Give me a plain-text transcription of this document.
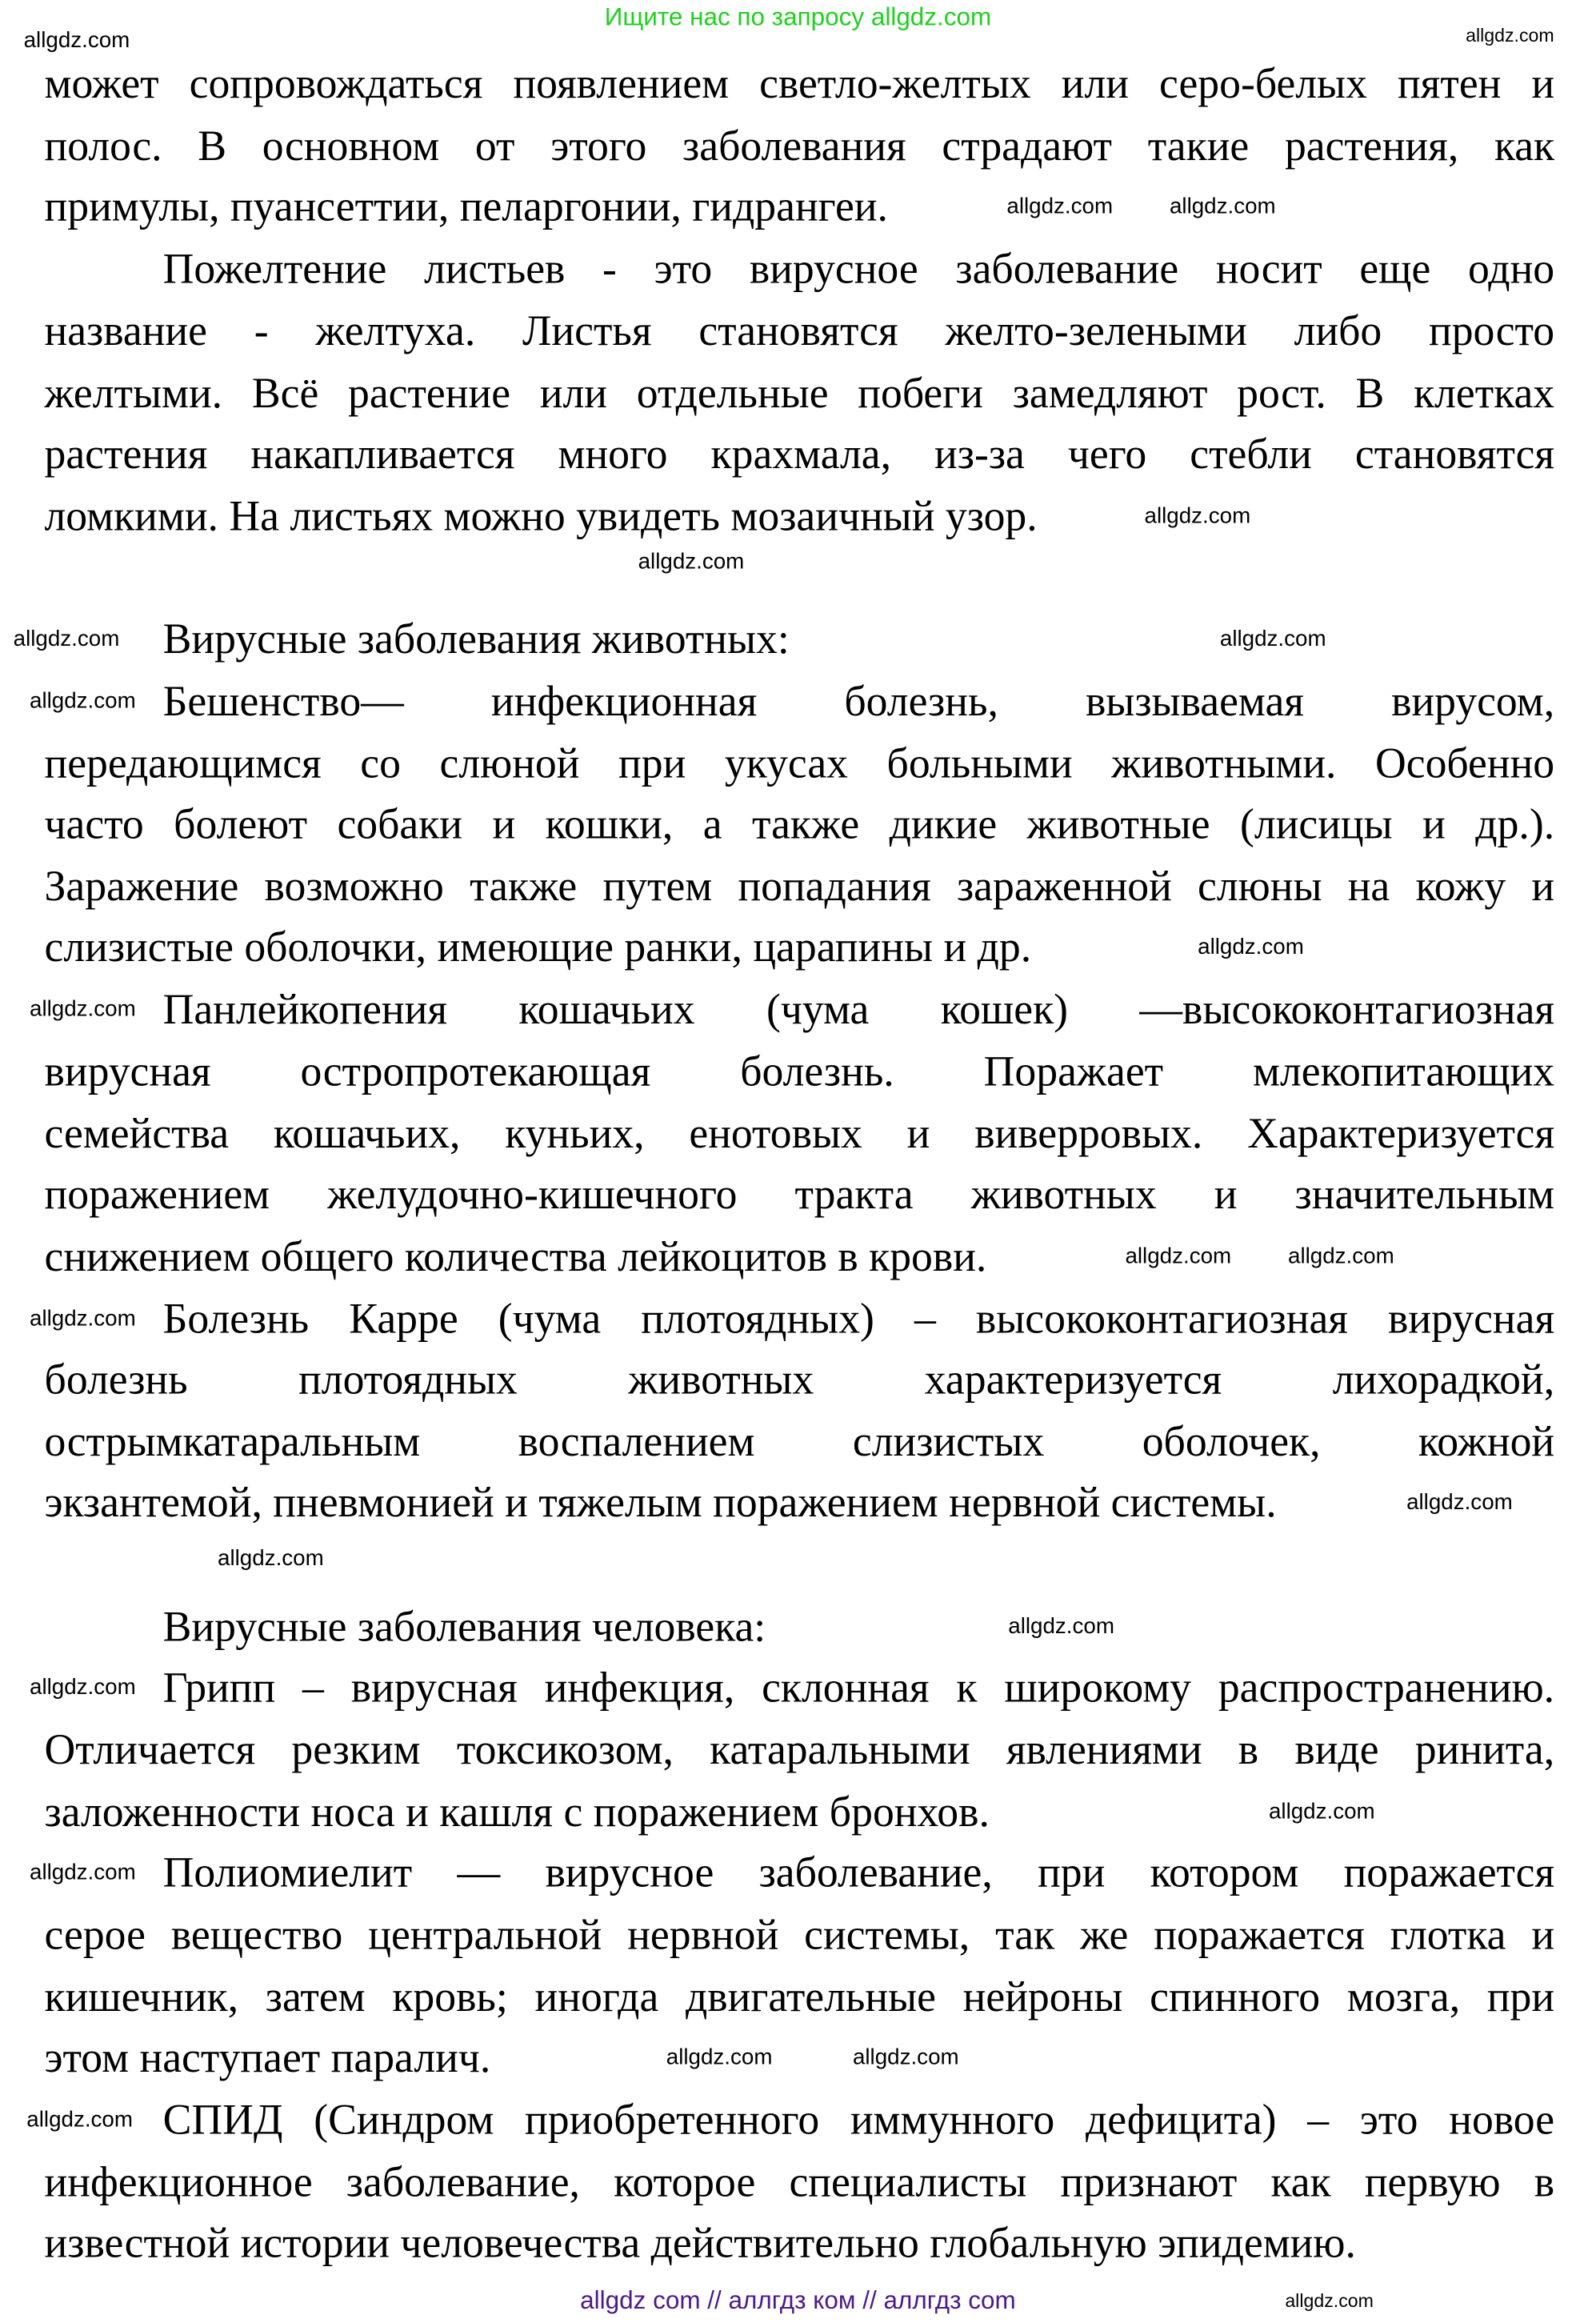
Ищите нас по запросу allgdz.com
может сопровождаться появлением светло-желтых или серо-белых пятен и
полос. В основном от этого заболевания страдают такие растения, как
примулы, пуансеттии, пеларгонии, гидрангеи.
Пожелтение листьев - это вирусное заболевание носит еще одно
название - желтуха. Листья становятся желто-зелеными либо просто
желтыми. Всё растение или отдельные побеги замедляют рост. В клетках
растения накапливается много крахмала, из-за чего стебли становятся
ломкими. На листьях можно увидеть мозаичный узор.
Вирусные заболевания животных:
Бешенство— инфекционная болезнь, вызываемая вирусом,
передающимся со слюной при укусах больными животными. Особенно
часто болеют собаки и кошки, а также дикие животные (лисицы и др.).
Заражение возможно также путем попадания зараженной слюны на кожу и
слизистые оболочки, имеющие ранки, царапины и др.
Панлейкопения кошачьих (чума кошек) —высококонтагиозная
вирусная остропротекающая болезнь. Поражает млекопитающих
семейства кошачьих, куньих, енотовых и виверровых. Характеризуется
поражением желудочно-кишечного тракта животных и значительным
снижением общего количества лейкоцитов в крови.
Болезнь Карре (чума плотоядных) – высококонтагиозная вирусная
болезнь плотоядных животных характеризуется лихорадкой,
острымкатаральным воспалением слизистых оболочек, кожной
экзантемой, пневмонией и тяжелым поражением нервной системы.
Вирусные заболевания человека:
Грипп – вирусная инфекция, склонная к широкому распространению.
Отличается резким токсикозом, катаральными явлениями в виде ринита,
заложенности носа и кашля с поражением бронхов.
Полиомиелит — вирусное заболевание, при котором поражается
серое вещество центральной нервной системы, так же поражается глотка и
кишечник, затем кровь; иногда двигательные нейроны спинного мозга, при
этом наступает паралич.
СПИД (Синдром приобретенного иммунного дефицита) – это новое
инфекционное заболевание, которое специалисты признают как первую в
известной истории человечества действительно глобальную эпидемию.
allgdz.com	allgdz.com
allgdz.com	allgdz.com
allgdz.com
allgdz.com
allgdz.com	allgdz.com
allgdz.com
allgdz.com
allgdz.com
allgdz.com	allgdz.com
allgdz.com
allgdz.com
allgdz.com
allgdz.com
allgdz.com
allgdz.com
allgdz.com
allgdz.com
allgdz.com
allgdz.com
allgdz.com
allgdz com // аллгдз ком // аллгдз com
